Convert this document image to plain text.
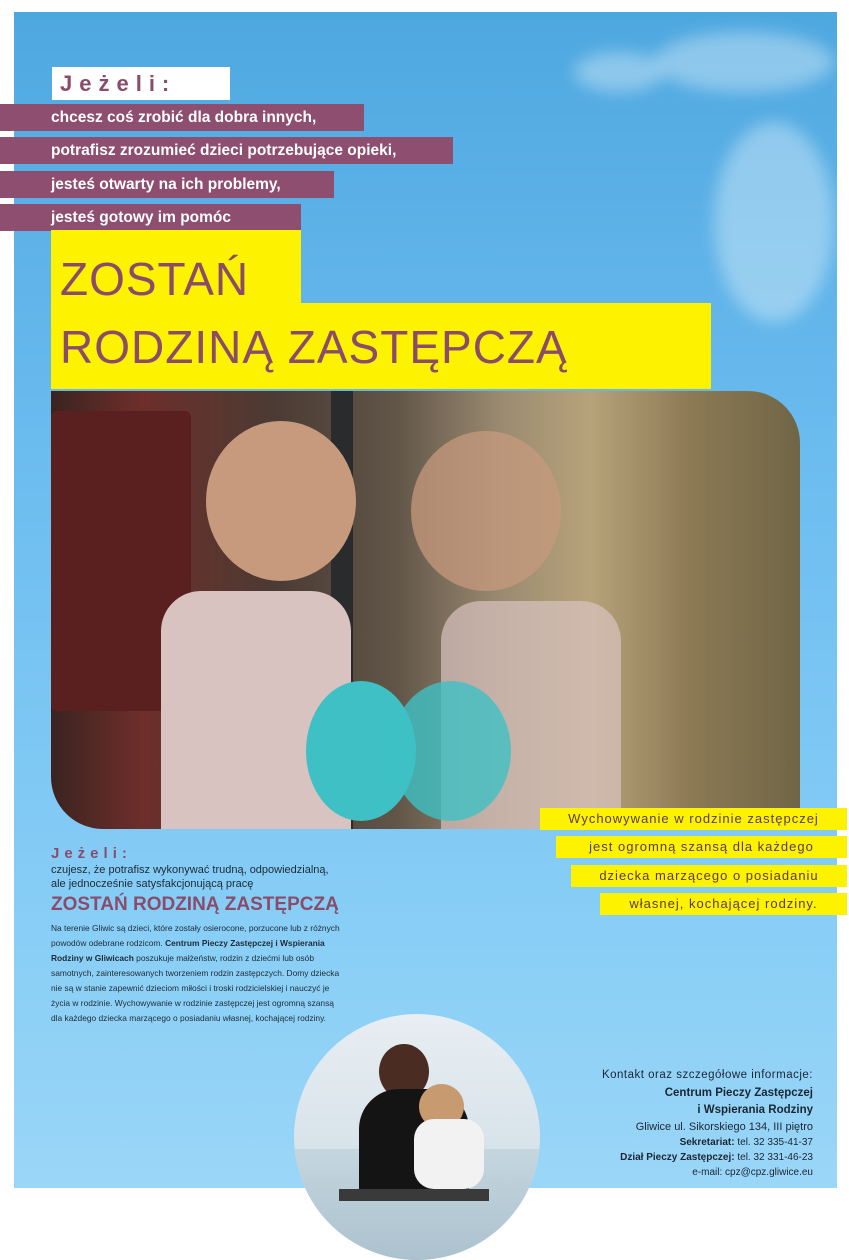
Jeżeli:
chcesz coś zrobić dla dobra innych,
potrafisz zrozumieć dzieci potrzebujące opieki,
jesteś otwarty na ich problemy,
jesteś gotowy im pomóc
ZOSTAŃ
RODZINĄ ZASTĘPCZĄ
Wychowywanie w rodzinie zastępczej
jest ogromną szansą dla każdego
dziecka marzącego o posiadaniu
własnej, kochającej rodziny.
Jeżeli:
czujesz, że potrafisz wykonywać trudną, odpowiedzialną,
ale jednocześnie satysfakcjonującą pracę
ZOSTAŃ RODZINĄ ZASTĘPCZĄ

Na terenie Gliwic są dzieci, które zostały osierocone, porzucone lub z różnych

powodów odebrane rodzicom. Centrum Pieczy Zastępczej i Wspierania

Rodziny w Gliwicach poszukuje małżeństw, rodzin z dziećmi lub osób

samotnych, zainteresowanych tworzeniem rodzin zastępczych. Domy dziecka

nie są w stanie zapewnić dzieciom miłości i troski rodzicielskiej i nauczyć je

życia w rodzinie. Wychowywanie w rodzinie zastępczej jest ogromną szansą

dla każdego dziecka marzącego o posiadaniu własnej, kochającej rodziny.

Kontakt oraz szczegółowe informacje:
Centrum Pieczy Zastępczej
i Wspierania Rodziny
Gliwice ul. Sikorskiego 134, III piętro
Sekretariat: tel. 32 335-41-37
Dział Pieczy Zastępczej: tel. 32 331-46-23
e-mail: cpz@cpz.gliwice.eu
